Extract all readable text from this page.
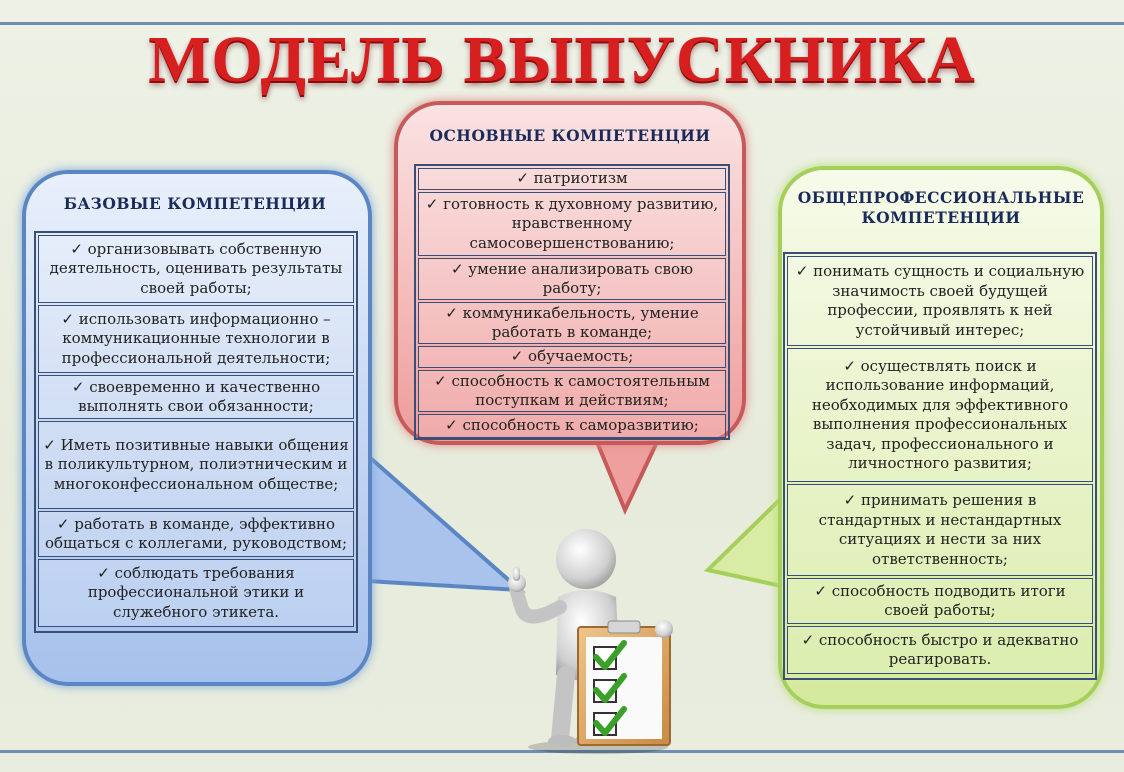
МОДЕЛЬ ВЫПУСКНИКА
БАЗОВЫЕ КОМПЕТЕНЦИИ
ОСНОВНЫЕ КОМПЕТЕНЦИИ
ОБЩЕПРОФЕССИОНАЛЬНЫЕ КОМПЕТЕНЦИИ
✓ организовывать собственную деятельность, оценивать результаты своей работы;
✓ использовать информационно – коммуникационные технологии в профессиональной деятельности;
✓ своевременно и качественно выполнять свои обязанности;
✓ Иметь позитивные навыки общения в поликультурном, полиэтническим и многоконфессиональном обществе;
✓ работать в команде, эффективно общаться с коллегами, руководством;
✓ соблюдать требования профессиональной этики и служебного этикета.
✓ патриотизм
✓ готовность к духовному развитию, нравственному самосовершенствованию;
✓ умение анализировать свою работу;
✓ коммуникабельность, умение работать в команде;
✓ обучаемость;
✓ способность к самостоятельным поступкам и действиям;
✓ способность к саморазвитию;
✓ понимать сущность и социальную значимость своей будущей профессии, проявлять к ней устойчивый интерес;
✓ осуществлять поиск и использование информаций, необходимых для эффективного выполнения профессиональных задач, профессионального и личностного развития;
✓ принимать решения в стандартных и нестандартных ситуациях и нести за них ответственность;
✓ способность подводить итоги своей работы;
✓ способность быстро и адекватно реагировать.
